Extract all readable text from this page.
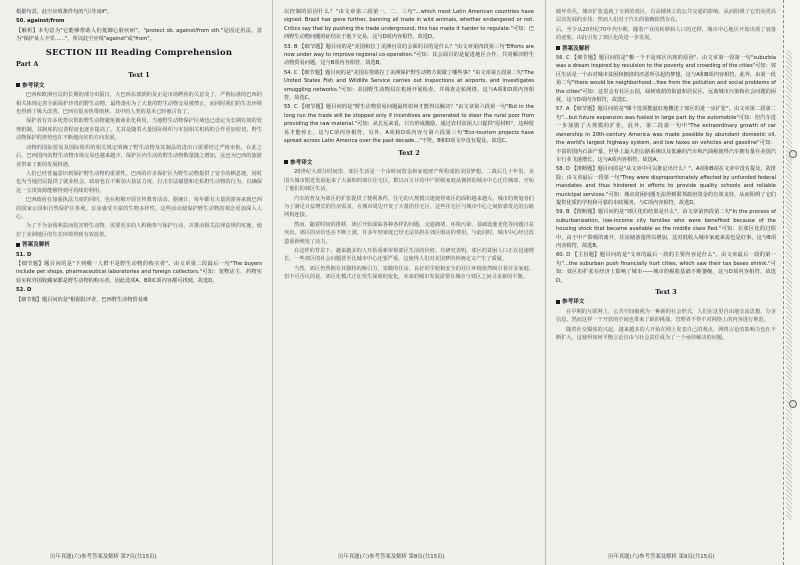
根据句意，此空应填条件句的"引导词if"。

50. against/from

【解析】本句意为"它能够帮助人们抵御心脏疾病"。"protect sb. against/from sth."是固定用法，意为"保护某人不受……"，所以此空应填"against"或"from"。

SECTION III Reading Comprehension
Part A
Text 1
参考译文

巴西和欧洲官员的长期的部分出版日，大巴西东部到的及正是市场鳄鱼的关意及了，严格标准的巴西的相关体规定着全面保护珍贵的野生动物，最终落实为了大量的野生动物交易被禁止，而同时我们的生态环境也得到了极大改善。巴西有很多热带雨林，其中的人类的基本已经被占有了。

保护者有许多优势以帮助野生动物避免被商业化利用。当地野生动物保护区域也已设定为长期有效的管理机制，其制度的完善程度也逐步提高了，尤其是随着大量国际组织与本国相关机构的合作更加密切，野生动物保护的形势也在不断地向好的方向发展。

动物的国际贸易及国际组织的相关规定明确了野生动物及其制品的进出口需要经过严格审批，在此之后，巴西国内的野生动物市场交易也越来越少，保护区内生活的野生动物数量随之增加，这也为巴西的旅游业带来了新的发展机遇。

人们已经普遍意识到保护野生动物的重要性。巴西的许多保护区为野生动物提供了安全的栖息地，同时也为当地居民提供了就业机会。政府也在不断加大执法力度，打击非法捕猎和走私野生动物的行为，以确保这一宝贵资源能够得到可持续的利用。

巴西政府在加强执法力度的同时，也在积极开展宣传教育活动。据统计，每年都有大量的游客来到巴西的国家公园和自然保护区参观，亲身感受丰富的生物多样性，这些活动使保护野生动物的观念更加深入人心。

为了不为金钱利益而伤害野生动物，需要更多的人积极参与保护行动，并推动相关法律法规的实施，使拉丁美洲地区的生态环境得到有效改善。

答案及解析

51. D

【细节题】题目问的是"下列哪一人群不是野生动物的购买者"。由文章第二段最后一句"The buyers include pet shops, pharmaceutical laboratories and foreign collectors."可知：宠物店主、药物实验室和外国收藏家都是野生动物的购买者。因此选项A、B和C项内容都可找到，故选D。

52. D

【细节题】题目问的是"根据批评者，巴西野生动物贸易难

以控制的原因什么？"由文章第三段第一、二、三句"...which most Latin American countries have signed. Brazil has gone further, banning all trade in wild animals, whether endangered or not. Critics say that by pushing the trade underground, this has made it harder to regulate."可知：巴西野生动物问题的症结在于地下交易，这与D项内容相符，故选D。

53. B 【细节题】题目问的是"美国和拉丁美洲官员的会面的目的是什么？"由文章第四段第三句"Efforts are now under way to improve regional co-operation."可知：其会面目的是促进地区合作，共同解决野生动物贸易问题，这与B项内容相符，故选B。

54. C 【细节题】题目问的是"美国在帮助拉丁美洲保护野生动物方面做了哪些事？"由文章第五段第二句"The United States Fish and Wildlife Service carries out inspections at airports, and investigates smuggling networks."可知：美国野生动物局在机场开展检查，并调查走私网络。这与A项和D项内容相符，故选C。

55. C 【细节题】题目问的是"野生动物贸易问题最终如何才能得以解决？"由文章第六段第一句"But in the long run the trade will be stopped only if incentives are generated to steer the rural poor from providing the raw material."可知：从长远来看，只有形成激励，通过农村贫困人口提供"原材料"，这种贸易才能停止。这与C项内容相符，另外，A项和D项内容与第六段第三句"Eco-tourism projects have spread across Latin America over the past decade..."不符，B和D项文中没有提及，故选C。

Text 2
参考译文

20世纪大部分时间里，郊区生活是一个由时间资金和家庭财产所构成的美国梦想。二战后几十年里，美国大城市附近发展起来了大面积的郊区住宅区，数以百万计的中产阶级家庭从拥挤的城市中心迁往城郊，开始了他们的郊区生活。

汽车的普及为郊区的扩张提供了便利条件，住宅的大规模兴建使得郊区的面积越来越大。城市的规划者们为了满足日益增长的住房需求，在城市周边开发了大量的住宅区，这些住宅区与城市中心之间依靠发达的公路网相连接。

然而，随着时间的推移，郊区开始面临各种各样的问题。交通拥堵、环境污染、基础设施老化等问题日益突出，郊区的房价也在不断上涨，许多年轻家庭已经无法负担在郊区购房的费用。与此同时，城市中心经过改造重新焕发了活力。

在这样的背景下，越来越多的人开始重新审视郊区生活的价值。有研究表明，郊区的贫困人口正在迅速增长，一些郊区的社会问题甚至比城市中心还要严重，这使得人们对美国梦的传统定义产生了质疑。

当然，郊区仍然拥有其独特的吸引力，宽敞的住房、良好的学校和安全的社区环境依然吸引着许多家庭。但不可否认的是，郊区化模式正在发生深刻的变化，未来的城市发展需要在城市与郊区之间寻求新的平衡。

破坏草丛，城市扩张造就了全新的郊区，有高楼林立的公共交通的影响。从而阻碍了它们向更高层次发展的步伐；然而人们对于汽车的依赖依然存在。

后，至少从20世纪70年代中期，随着产业的转移和人口的迁移，城市中心地区开始出现了衰落的迹象，由此引发了郊区化的进一步发展。

答案及解析

56. C 【细节题】题目问的是"哪一个不是郊区出现的原因"。由文章第一段第一句"suburbia was a dream inspired by revulsion to the poverty and crowding of the cities"可知：郊区生活是一个由对城市贫困和拥挤的厌恶所引起的梦想，这与A和B项内容相符，此外，由第一段第二句"there would be neighborhood...free from the pollution and social problems of the cities"可知：这里会有社区公园，绿树成荫的街道和居民区，远离城市污染和社会问题的困扰，这与D项内容相符，故选C。

57. A 【细节题】题目问的是"哪个选项能最好地概述了郊区的进一步扩张"。由文章第二段第二句"...but future expansion was fueled in large part by the automobile"可知：但汽车进一步加剧了大规模的扩张，此外，第二段第一句中"The extraordinary growth of car ownership in 20th-century America was made possible by abundant domestic oil, the world's largest highway system, and low taxes on vehicles and gasoline"可知：丰富的国内石油产量、世界上最大的公路系统以及低廉的汽车和汽油税使得汽车拥有量在美国汽车行业飞速增长，这与A项内容相符，故选A。

58. D 【推断题】题目问的是"从文章中可以推论出什么？"。A项和B项在文章中没有提及，故排除；由文章最后一段第一句"They were disproportionately affected by unfunded federal mandates and thus hindered in efforts to provide quality schools and reliable municipal services."可知：城市贫困问题无法得到联邦政府资金的有效支持，从而阻碍了它们提供优质的学校和可靠的市政服务，与C项内容相符，故选D。

59. B 【推断题】题目问的是"郊区化的结果是什么"。由文章第四段第二句"In the process of suburbanization, low-income city families who were benefited because of the housing stock that became available as the middle class fled."可知：在郊区化的过程中，由于中产阶级的离开，住房储备量得以增加，这对低收入城市家庭来说也是好事，这与B项内容相符，故选B。

60. D 【主旨题】题目问的是"文章的最后一段的主要内容是什么"。由文章最后一段的第一句"...the suburban push financially hurt cities, which saw their tax bases shrink."可知：郊区的扩张在经济上影响了城市——城市的税收基础不断萎缩，这与D项内容相符，故选D。

Text 3
参考译文

在早期的互联网上，公共空间被视为一种新的社会形式，人们在这里自由地交流思想、分享信息，然而这样一个开放的空间也带来了新的挑战，管理者不得不对网络上的内容进行规范。

随着社交媒体的兴起，越来越多的人开始在网上发表自己的观点，网络言论的影响力也在不断扩大，这使得如何平衡言论自由与社会责任成为了一个亟待解决的问题。

历年真题(六)参考答案及解析 第7页(共15页)	历年真题(六)参考答案及解析 第8页(共15页)	历年真题(六)参考答案及解析 第9页(共15页)
